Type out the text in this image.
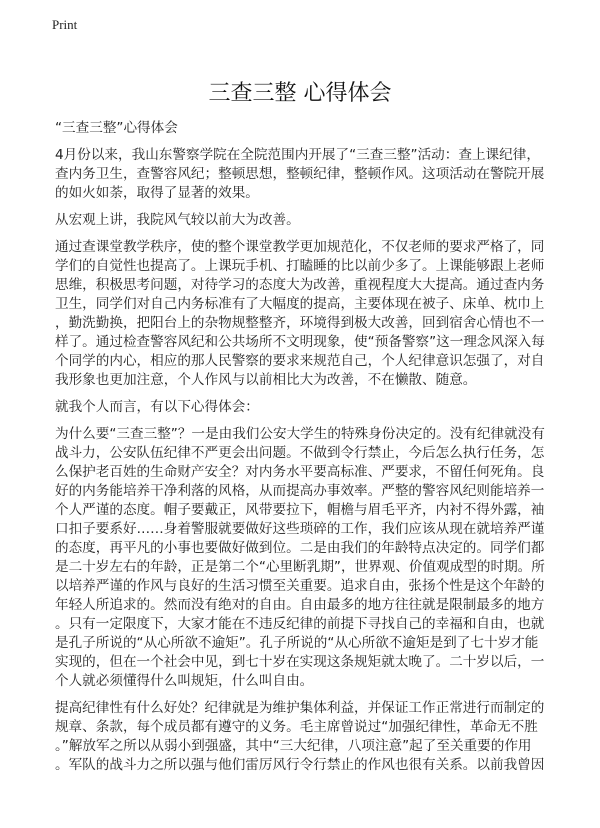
Print
三查三整 心得体会
“三查三整”心得体会
4月份以来，我山东警察学院在全院范围内开展了“三查三整”活动：查上课纪律，
查内务卫生，查警容风纪；整顿思想，整顿纪律，整顿作风。这项活动在警院开展
的如火如荼，取得了显著的效果。
从宏观上讲，我院风气较以前大为改善。
通过查课堂教学秩序，使的整个课堂教学更加规范化，不仅老师的要求严格了，同
学们的自觉性也提高了。上课玩手机、打瞌睡的比以前少多了。上课能够跟上老师
思维，积极思考问题，对待学习的态度大为改善，重视程度大大提高。通过查内务
卫生，同学们对自己内务标准有了大幅度的提高，主要体现在被子、床单、枕巾上
，勤洗勤换，把阳台上的杂物规整整齐，环境得到极大改善，回到宿舍心情也不一
样了。通过检查警容风纪和公共场所不文明现象，使“预备警察”这一理念风深入每
个同学的内心，相应的那人民警察的要求来规范自己，个人纪律意识怎强了，对自
我形象也更加注意，个人作风与以前相比大为改善，不在懒散、随意。
就我个人而言，有以下心得体会：
为什么要“三查三整”？一是由我们公安大学生的特殊身份决定的。没有纪律就没有
战斗力，公安队伍纪律不严更会出问题。不做到令行禁止，今后怎么执行任务，怎
么保护老百姓的生命财产安全？对内务水平要高标准、严要求，不留任何死角。良
好的内务能培养干净利落的风格，从而提高办事效率。严整的警容风纪则能培养一
个人严谨的态度。帽子要戴正，风带要拉下，帽檐与眉毛平齐，内衬不得外露，袖
口扣子要系好……身着警服就要做好这些琐碎的工作，我们应该从现在就培养严谨
的态度，再平凡的小事也要做好做到位。二是由我们的年龄特点决定的。同学们都
是二十岁左右的年龄，正是第二个“心里断乳期”，世界观、价值观成型的时期。所
以培养严谨的作风与良好的生活习惯至关重要。追求自由，张扬个性是这个年龄的
年轻人所追求的。然而没有绝对的自由。自由最多的地方往往就是限制最多的地方
。只有一定限度下，大家才能在不违反纪律的前提下寻找自己的幸福和自由，也就
是孔子所说的“从心所欲不逾矩”。孔子所说的“从心所欲不逾矩是到了七十岁才能
实现的，但在一个社会中见，到七十岁在实现这条规矩就太晚了。二十岁以后，一
个人就必须懂得什么叫规矩，什么叫自由。
提高纪律性有什么好处？纪律就是为维护集体利益，并保证工作正常进行而制定的
规章、条款，每个成员都有遵守的义务。毛主席曾说过“加强纪律性，革命无不胜
。”解放军之所以从弱小到强盛，其中“三大纪律，八项注意”起了至关重要的作用
。军队的战斗力之所以强与他们雷厉风行令行禁止的作风也很有关系。以前我曾因
